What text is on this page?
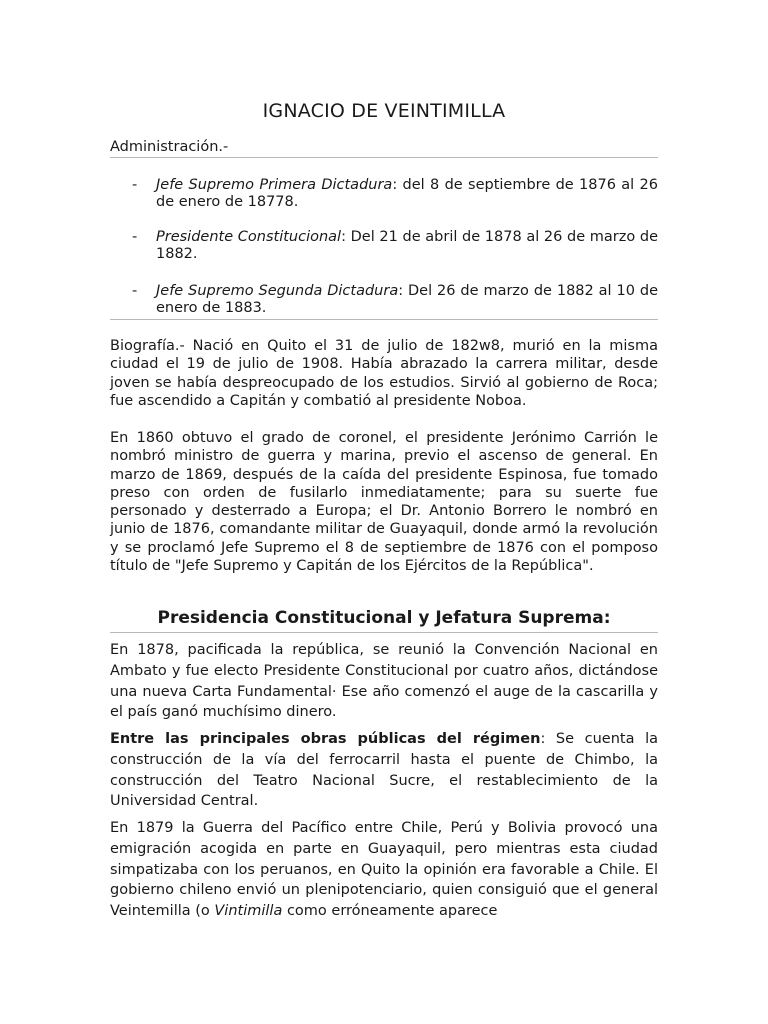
IGNACIO DE VEINTIMILLA
Administración.-
- Jefe Supremo Primera Dictadura: del 8 de septiembre de 1876 al 26 de enero de 18778.
- Presidente Constitucional: Del 21 de abril de 1878 al 26 de marzo de 1882.
- Jefe Supremo Segunda Dictadura: Del 26 de marzo de 1882 al 10 de enero de 1883.

Biografía.- Nació en Quito el 31 de julio de 182w8, murió en la misma ciudad el 19 de julio de 1908. Había abrazado la carrera militar, desde joven se había despreocupado de los estudios. Sirvió al gobierno de Roca; fue ascendido a Capitán y combatió al presidente Noboa.

En 1860 obtuvo el grado de coronel, el presidente Jerónimo Carrión le nombró ministro de guerra y marina, previo el ascenso de general. En marzo de 1869, después de la caída del presidente Espinosa, fue tomado preso con orden de fusilarlo inmediatamente; para su suerte fue personado y desterrado a Europa; el Dr. Antonio Borrero le nombró en junio de 1876, comandante militar de Guayaquil, donde armó la revolución y se proclamó Jefe Supremo el 8 de septiembre de 1876 con el pomposo título de "Jefe Supremo y Capitán de los Ejércitos de la República".

Presidencia Constitucional y Jefatura Suprema:

En 1878, pacificada la república, se reunió la Convención Nacional en Ambato y fue electo Presidente Constitucional por cuatro años, dictándose una nueva Carta Fundamental· Ese año comenzó el auge de la cascarilla y el país ganó muchísimo dinero.

Entre las principales obras públicas del régimen: Se cuenta la construcción de la vía del ferrocarril hasta el puente de Chimbo, la construcción del Teatro Nacional Sucre, el restablecimiento de la Universidad Central.

En 1879 la Guerra del Pacífico entre Chile, Perú y Bolivia provocó una emigración acogida en parte en Guayaquil, pero mientras esta ciudad simpatizaba con los peruanos, en Quito la opinión era favorable a Chile. El gobierno chileno envió un plenipotenciario, quien consiguió que el general Veintemilla (o Vintimilla como erróneamente aparece
